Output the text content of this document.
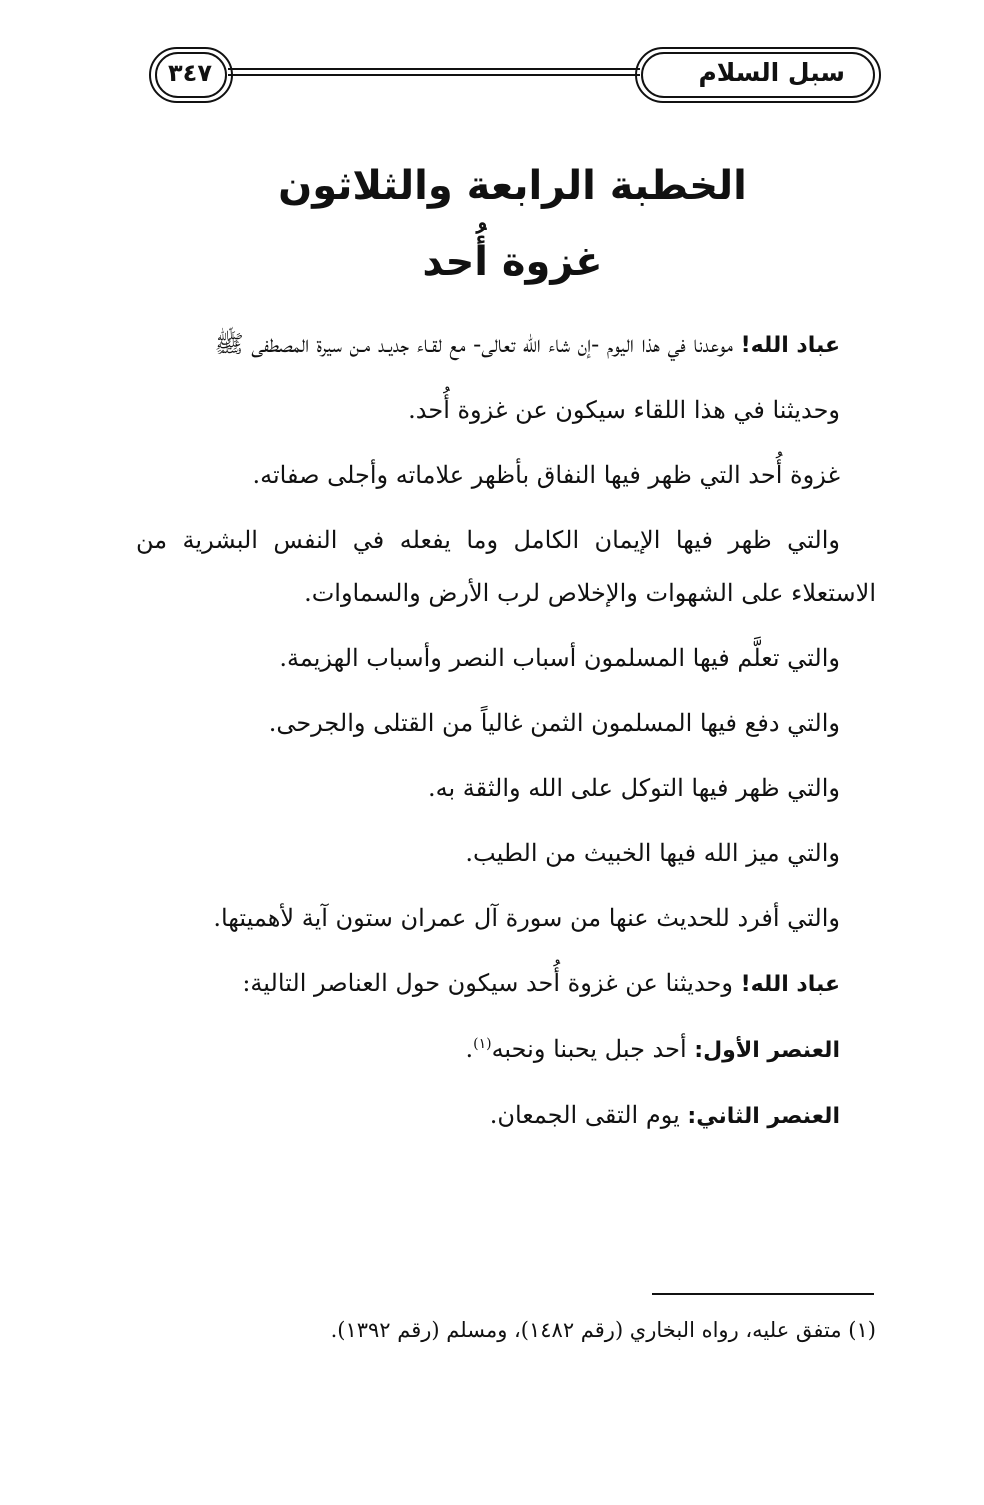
سبل السلام
٣٤٧
الخطبة الرابعة والثلاثون
غزوة أُحد

عباد الله! موعدنا في هذا اليوم -إن شاء الله تعالى- مع لقـاء جديـد مـن سيرة المصطفى ﷺ

وحديثنا في هذا اللقاء سيكون عن غزوة أُحد.

غزوة أُحد التي ظهر فيها النفاق بأظهر علاماته وأجلى صفاته.

والتي ظهر فيها الإيمان الكامل وما يفعله في النفس البشرية من الاستعلاء على الشهوات والإخلاص لرب الأرض والسماوات.

والتي تعلَّم فيها المسلمون أسباب النصر وأسباب الهزيمة.

والتي دفع فيها المسلمون الثمن غالياً من القتلى والجرحى.

والتي ظهر فيها التوكل على الله والثقة به.

والتي ميز الله فيها الخبيث من الطيب.

والتي أفرد للحديث عنها من سورة آل عمران ستون آية لأهميتها.

عباد الله! وحديثنا عن غزوة أُحد سيكون حول العناصر التالية:

العنصر الأول: أحد جبل يحبنا ونحبه$^{(١)}$.

العنصر الثاني: يوم التقى الجمعان.

(١) متفق عليه، رواه البخاري (رقم ١٤٨٢)، ومسلم (رقم ١٣٩٢).
